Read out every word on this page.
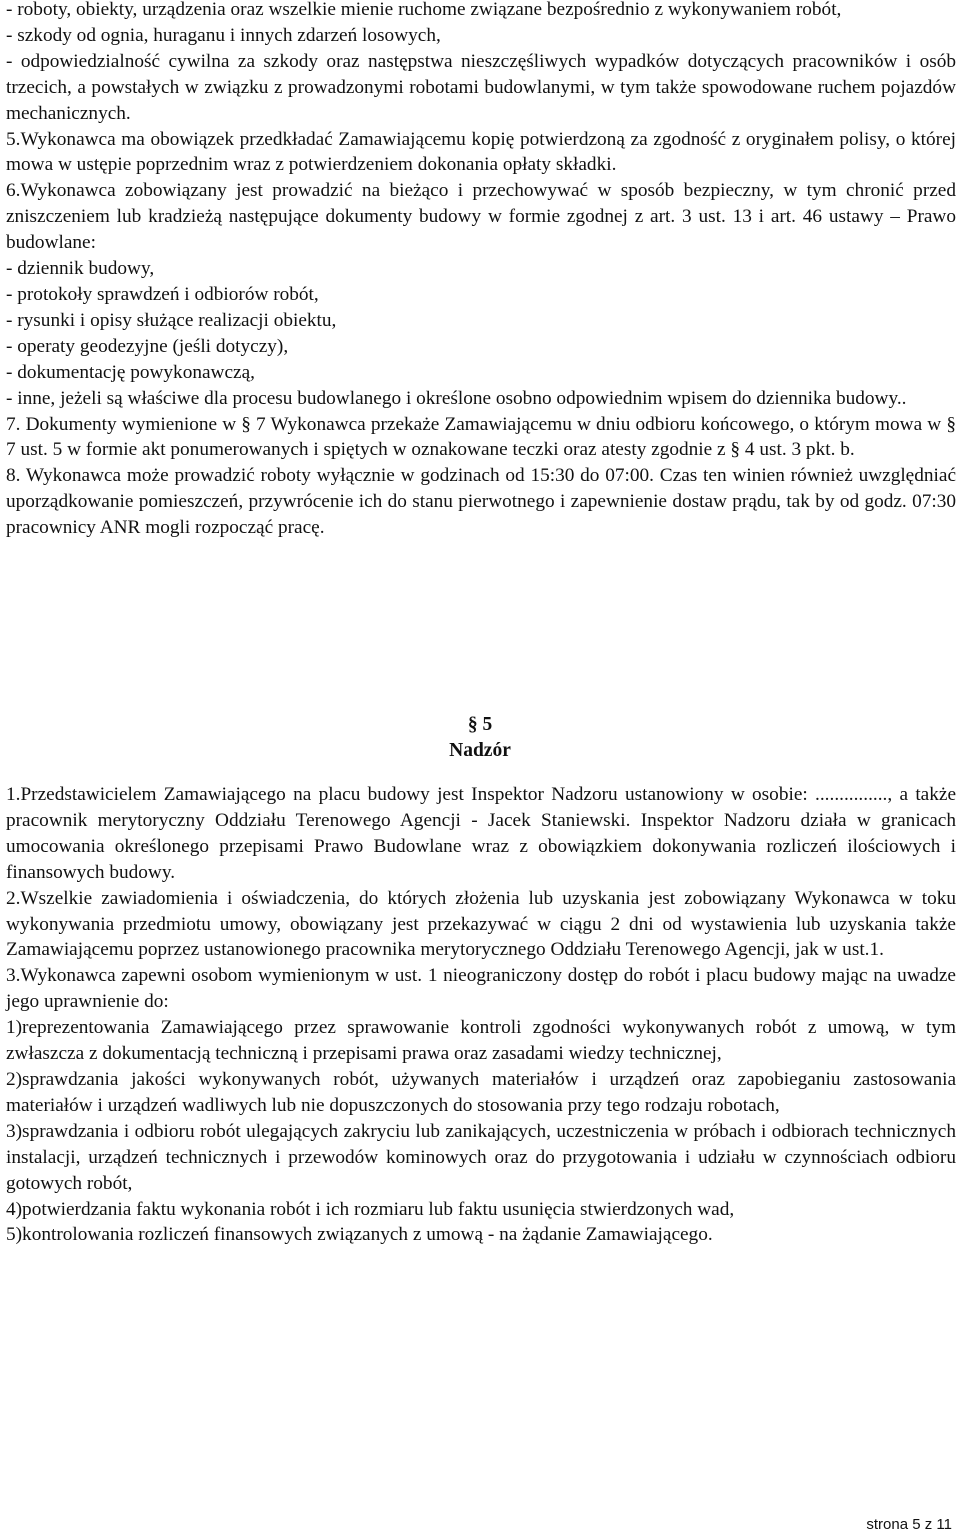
- roboty, obiekty, urządzenia oraz wszelkie mienie ruchome związane bezpośrednio z wykonywaniem robót,

- szkody od ognia, huraganu i innych zdarzeń losowych,

- odpowiedzialność cywilna za szkody oraz następstwa nieszczęśliwych wypadków dotyczących pracowników i osób trzecich, a powstałych w związku z prowadzonymi robotami budowlanymi, w tym także spowodowane ruchem pojazdów mechanicznych.

5.Wykonawca ma obowiązek przedkładać Zamawiającemu kopię potwierdzoną za zgodność z oryginałem polisy, o której mowa w ustępie poprzednim wraz z potwierdzeniem dokonania opłaty składki.

6.Wykonawca zobowiązany jest prowadzić na bieżąco i przechowywać w sposób bezpieczny, w tym chronić przed zniszczeniem lub kradzieżą następujące dokumenty budowy w formie zgodnej z art. 3 ust. 13 i art. 46 ustawy – Prawo budowlane:

- dziennik budowy,

- protokoły sprawdzeń i odbiorów robót,

- rysunki i opisy służące realizacji obiektu,

- operaty geodezyjne (jeśli dotyczy),

- dokumentację powykonawczą,

- inne, jeżeli są właściwe dla procesu budowlanego i określone osobno odpowiednim wpisem do dziennika budowy..

7. Dokumenty wymienione w § 7 Wykonawca przekaże Zamawiającemu w dniu odbioru końcowego, o którym mowa w § 7 ust. 5 w formie akt ponumerowanych i spiętych w oznakowane teczki oraz atesty zgodnie z § 4 ust. 3 pkt. b.

8. Wykonawca może prowadzić roboty wyłącznie w godzinach od 15:30 do 07:00. Czas ten winien również uwzględniać uporządkowanie pomieszczeń, przywrócenie ich do stanu pierwotnego i zapewnienie dostaw prądu, tak by od godz. 07:30 pracownicy ANR mogli rozpocząć pracę.

§ 5
Nadzór

1.Przedstawicielem Zamawiającego na placu budowy jest Inspektor Nadzoru ustanowiony w osobie: ..............., a także pracownik merytoryczny Oddziału Terenowego Agencji - Jacek Staniewski. Inspektor Nadzoru działa w granicach umocowania określonego przepisami Prawo Budowlane wraz z obowiązkiem dokonywania rozliczeń ilościowych i finansowych budowy.

2.Wszelkie zawiadomienia i oświadczenia, do których złożenia lub uzyskania jest zobowiązany Wykonawca w toku wykonywania przedmiotu umowy, obowiązany jest przekazywać w ciągu 2 dni od wystawienia lub uzyskania także Zamawiającemu poprzez ustanowionego pracownika merytorycznego Oddziału Terenowego Agencji, jak w ust.1.

3.Wykonawca zapewni osobom wymienionym w ust. 1 nieograniczony dostęp do robót i placu budowy mając na uwadze jego uprawnienie do:

1)reprezentowania Zamawiającego przez sprawowanie kontroli zgodności wykonywanych robót z umową, w tym zwłaszcza z dokumentacją techniczną i przepisami prawa oraz zasadami wiedzy technicznej,

2)sprawdzania jakości wykonywanych robót, używanych materiałów i urządzeń oraz zapobieganiu zastosowania materiałów i urządzeń wadliwych lub nie dopuszczonych do stosowania przy tego rodzaju robotach,

3)sprawdzania i odbioru robót ulegających zakryciu lub zanikających, uczestniczenia w próbach i odbiorach technicznych instalacji, urządzeń technicznych i przewodów kominowych oraz do przygotowania i udziału w czynnościach odbioru gotowych robót,

4)potwierdzania faktu wykonania robót i ich rozmiaru lub faktu usunięcia stwierdzonych wad,

5)kontrolowania rozliczeń finansowych związanych z umową - na żądanie Zamawiającego.

strona 5 z 11
